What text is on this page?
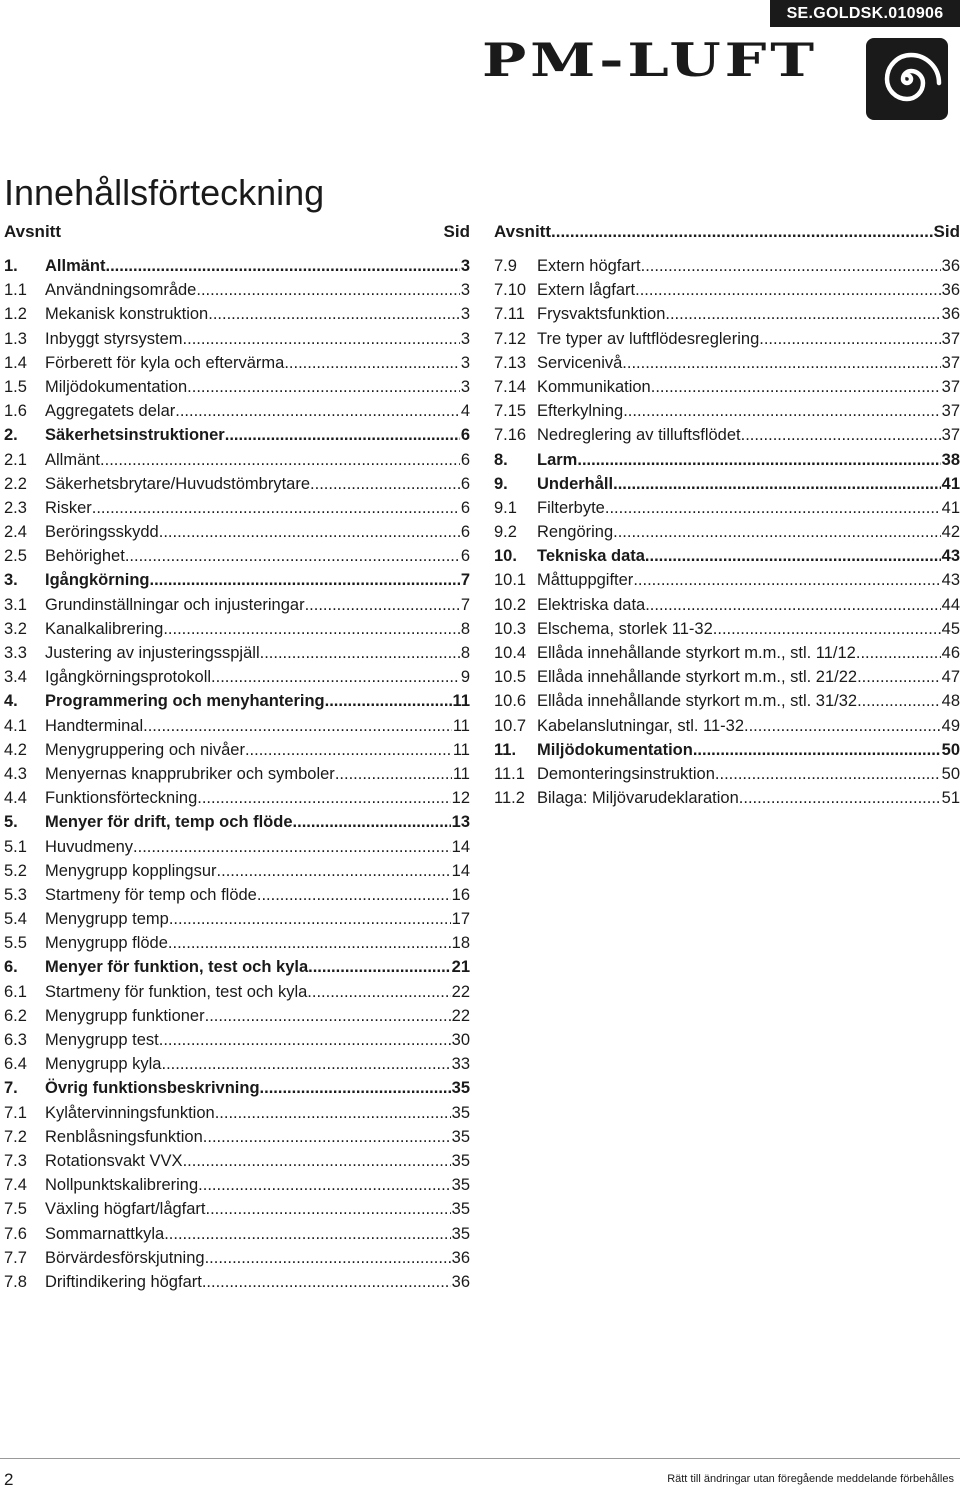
SE.GOLDSK.010906
PM-LUFT
Innehållsförteckning
Avsnitt	Sid
1.	Allmänt .....	3
1.1	Användningsområde .....	3
1.2	Mekanisk konstruktion .....	3
1.3	Inbyggt styrsystem .....	3
1.4	Förberett för kyla och eftervärma .....	3
1.5	Miljödokumentation .....	3
1.6	Aggregatets delar .....	4
2.	Säkerhetsinstruktioner .....	6
2.1	Allmänt .....	6
2.2	Säkerhetsbrytare/Huvudstömbrytare .....	6
2.3	Risker .....	6
2.4	Beröringsskydd .....	6
2.5	Behörighet .....	6
3.	Igångkörning .....	7
3.1	Grundinställningar och injusteringar .....	7
3.2	Kanalkalibrering .....	8
3.3	Justering av injusteringsspjäll .....	8
3.4	Igångkörningsprotokoll .....	9
4.	Programmering och menyhantering .....	11
4.1	Handterminal .....	11
4.2	Menygruppering och nivåer .....	11
4.3	Menyernas knapprubriker och symboler .....	11
4.4	Funktionsförteckning .....	12
5.	Menyer för drift, temp och flöde .....	13
5.1	Huvudmeny .....	14
5.2	Menygrupp kopplingsur .....	14
5.3	Startmeny för temp och flöde .....	16
5.4	Menygrupp temp .....	17
5.5	Menygrupp flöde .....	18
6.	Menyer för funktion, test och kyla .....	21
6.1	Startmeny för funktion, test och kyla .....	22
6.2	Menygrupp funktioner .....	22
6.3	Menygrupp test .....	30
6.4	Menygrupp kyla .....	33
7.	Övrig funktionsbeskrivning .....	35
7.1	Kylåtervinningsfunktion .....	35
7.2	Renblåsningsfunktion .....	35
7.3	Rotationsvakt VVX .....	35
7.4	Nollpunktskalibrering .....	35
7.5	Växling högfart/lågfart .....	35
7.6	Sommarnattkyla .....	35
7.7	Börvärdesförskjutning .....	36
7.8	Driftindikering högfart .....	36
Avsnitt .....	Sid
7.9	Extern högfart .....	36
7.10 Extern lågfart .....	36
7.11 Frysvaktsfunktion .....	36
7.12 Tre typer av luftflödesreglering .....	37
7.13 Servicenivå .....	37
7.14 Kommunikation .....	37
7.15 Efterkylning .....	37
7.16 Nedreglering av tilluftsflödet .....	37
8.	Larm .....	38
9.	Underhåll .....	41
9.1	Filterbyte .....	41
9.2	Rengöring .....	42
10.	Tekniska data .....	43
10.1 Måttuppgifter .....	43
10.2 Elektriska data .....	44
10.3 Elschema, storlek 11-32 .....	45
10.4 Ellåda innehållande styrkort m.m., stl. 11/12 .....	46
10.5 Ellåda innehållande styrkort m.m., stl. 21/22 .....	47
10.6 Ellåda innehållande styrkort m.m., stl. 31/32 .....	48
10.7 Kabelanslutningar, stl. 11-32 .....	49
11.	Miljödokumentation .....	50
11.1 Demonteringsinstruktion .....	50
11.2 Bilaga: Miljövarudeklaration .....	51
2	Rätt till ändringar utan föregående meddelande förbehålles
